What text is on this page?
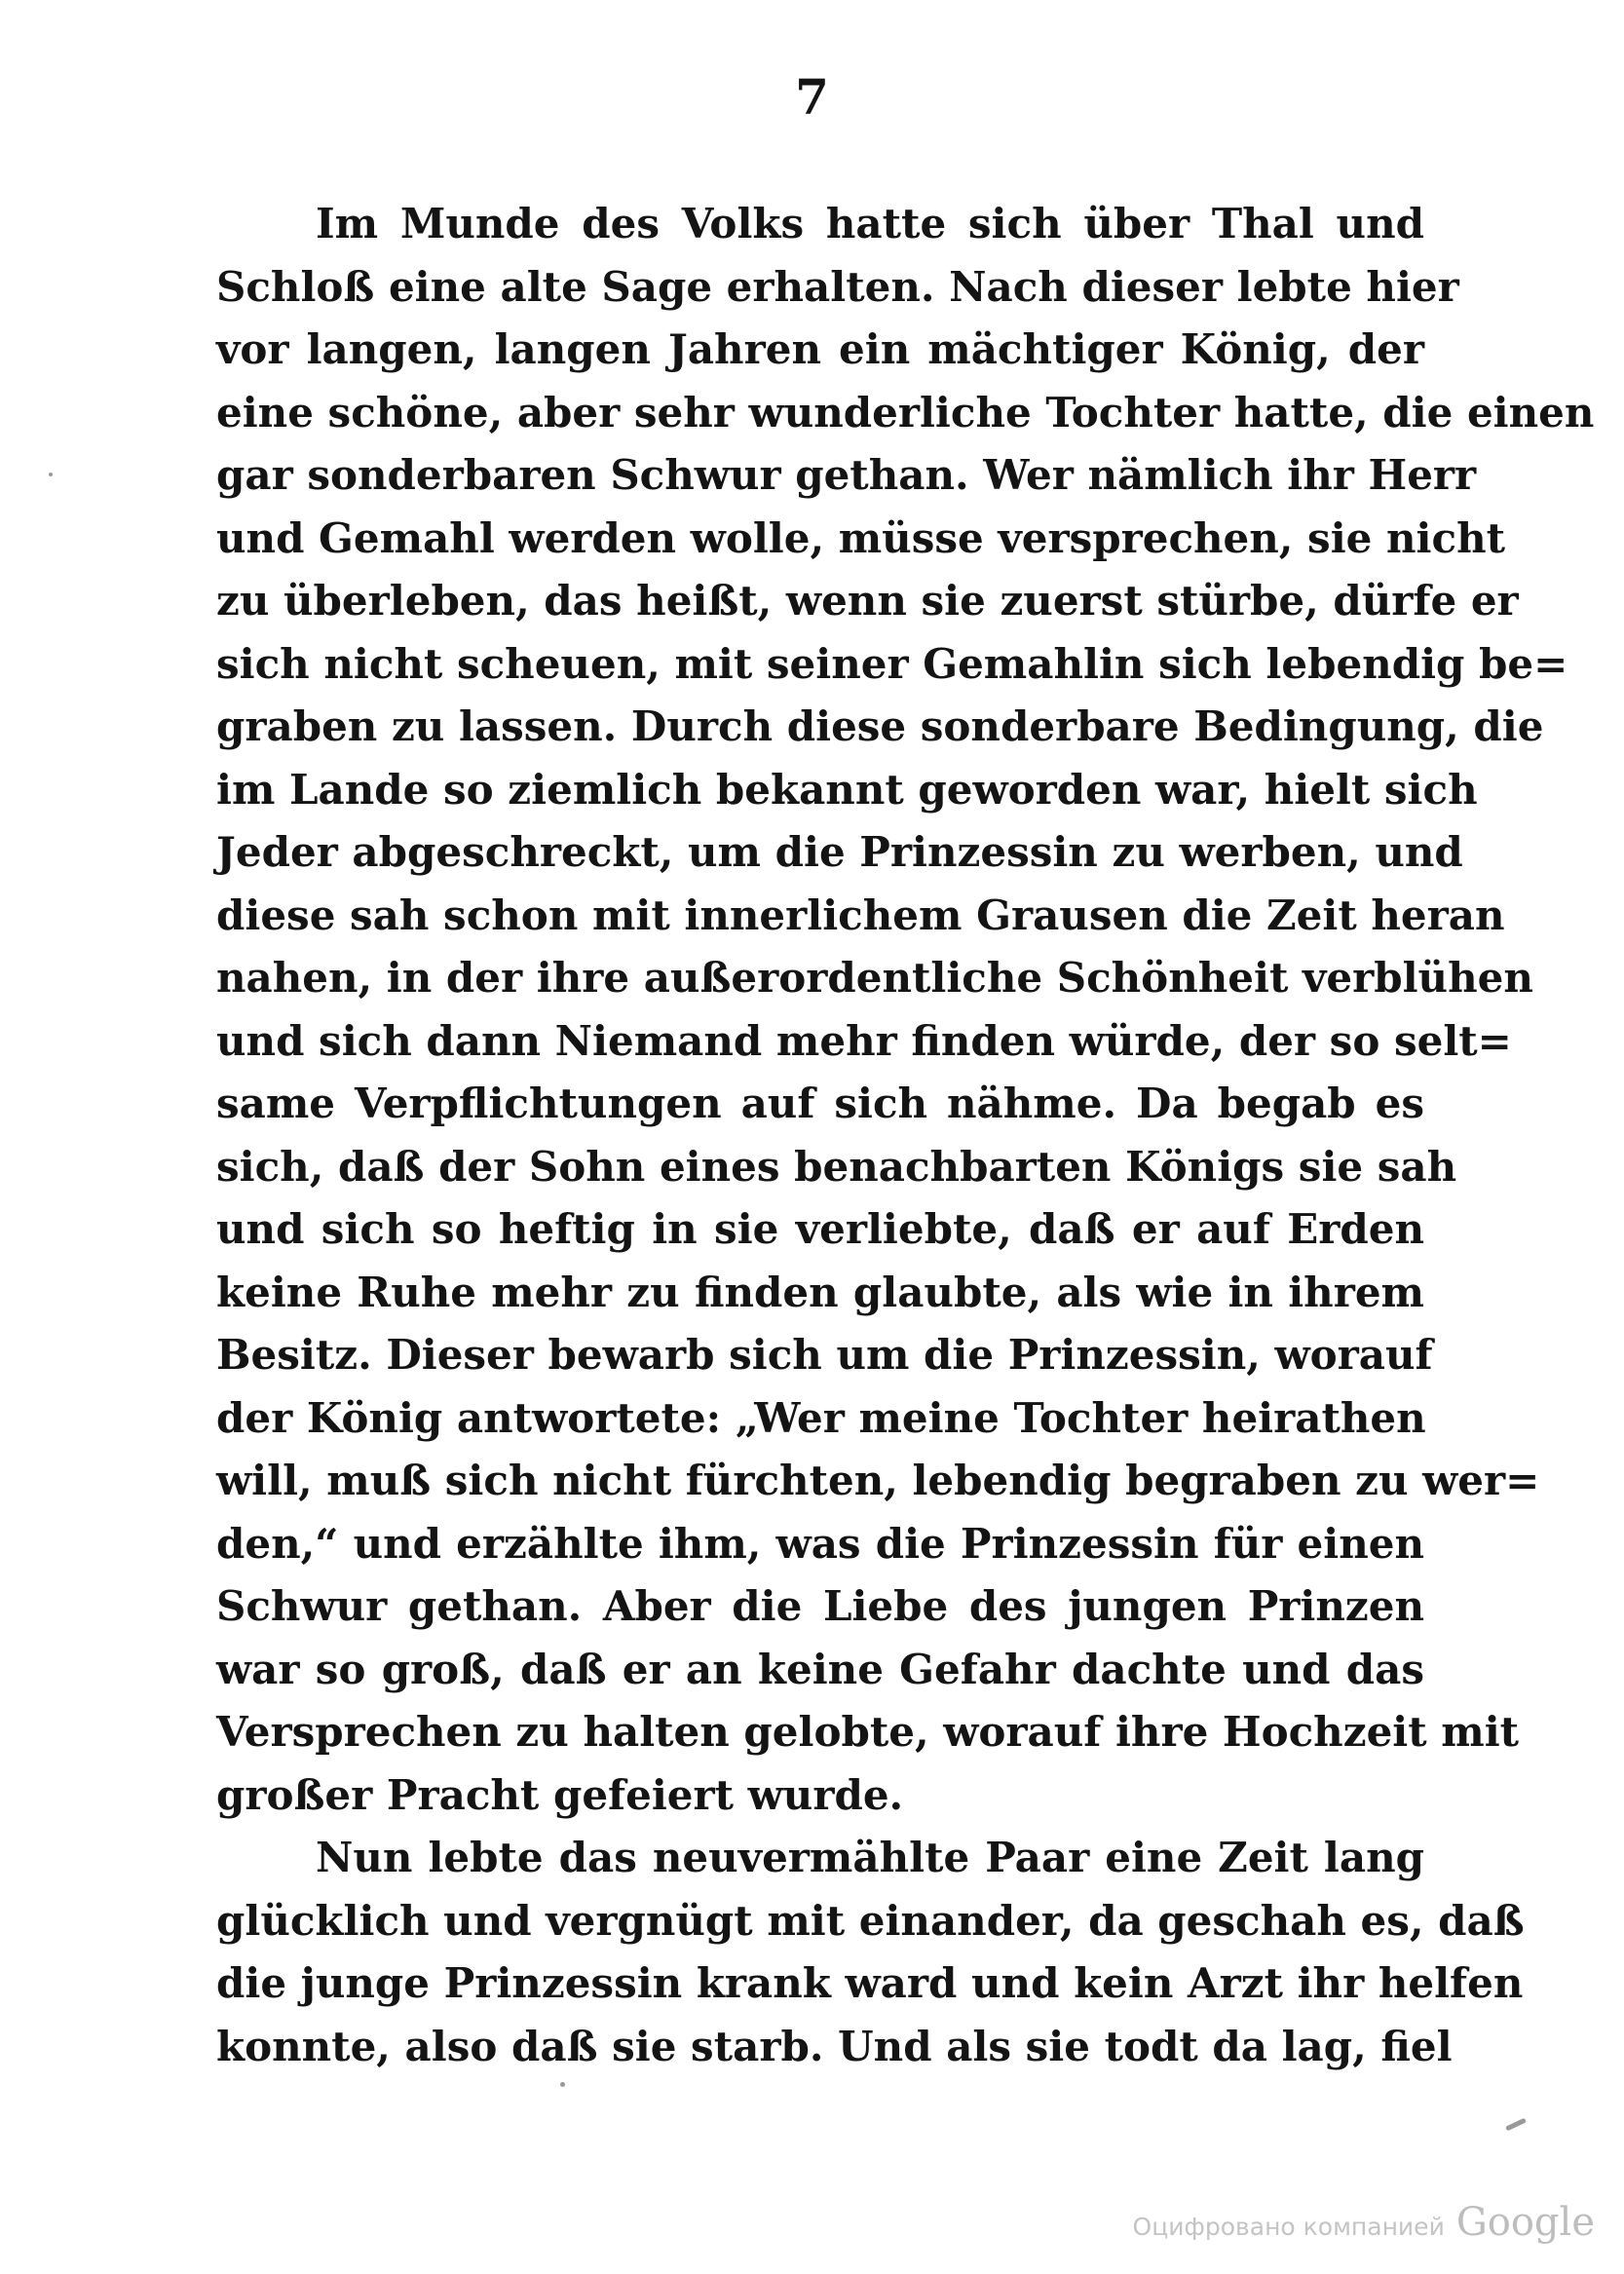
7
Im Munde des Volks hatte sich über Thal und
Schloß eine alte Sage erhalten. Nach dieser lebte hier
vor langen, langen Jahren ein mächtiger König, der
eine schöne, aber sehr wunderliche Tochter hatte, die einen
gar sonderbaren Schwur gethan. Wer nämlich ihr Herr
und Gemahl werden wolle, müsse versprechen, sie nicht
zu überleben, das heißt, wenn sie zuerst stürbe, dürfe er
sich nicht scheuen, mit seiner Gemahlin sich lebendig be=
graben zu lassen. Durch diese sonderbare Bedingung, die
im Lande so ziemlich bekannt geworden war, hielt sich
Jeder abgeschreckt, um die Prinzessin zu werben, und
diese sah schon mit innerlichem Grausen die Zeit heran
nahen, in der ihre außerordentliche Schönheit verblühen
und sich dann Niemand mehr finden würde, der so selt=
same Verpflichtungen auf sich nähme. Da begab es
sich, daß der Sohn eines benachbarten Königs sie sah
und sich so heftig in sie verliebte, daß er auf Erden
keine Ruhe mehr zu finden glaubte, als wie in ihrem
Besitz. Dieser bewarb sich um die Prinzessin, worauf
der König antwortete: „Wer meine Tochter heirathen
will, muß sich nicht fürchten, lebendig begraben zu wer=
den,“ und erzählte ihm, was die Prinzessin für einen
Schwur gethan. Aber die Liebe des jungen Prinzen
war so groß, daß er an keine Gefahr dachte und das
Versprechen zu halten gelobte, worauf ihre Hochzeit mit
großer Pracht gefeiert wurde.
Nun lebte das neuvermählte Paar eine Zeit lang
glücklich und vergnügt mit einander, da geschah es, daß
die junge Prinzessin krank ward und kein Arzt ihr helfen
konnte, also daß sie starb. Und als sie todt da lag, fiel
Оцифровано компанией Google
